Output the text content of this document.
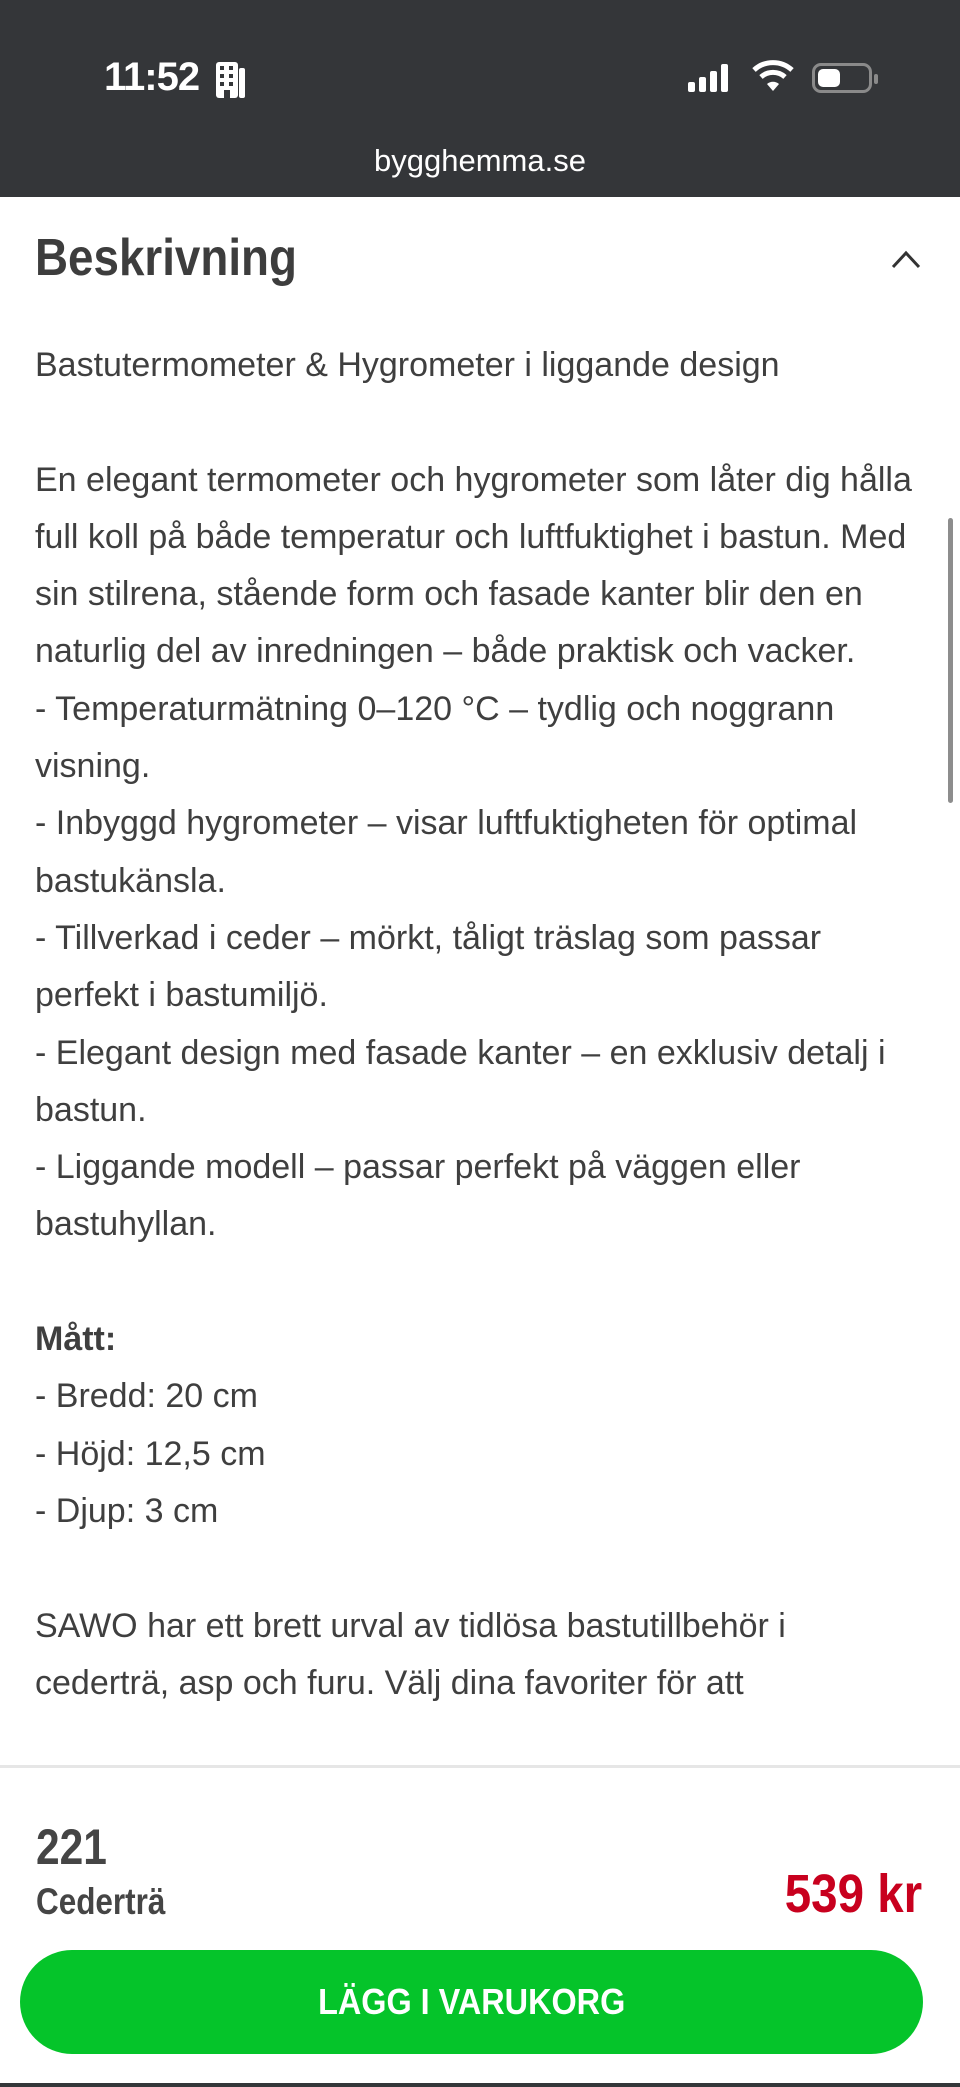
11:52
bygghemma.se
Beskrivning

Bastutermometer & Hygrometer i liggande design

En elegant termometer och hygrometer som låter dig hålla full koll på både temperatur och luftfuktighet i bastun. Med sin stilrena, stående form och fasade kanter blir den en naturlig del av inredningen – både praktisk och vacker.

- Temperaturmätning 0–120 °C – tydlig och noggrann visning.

- Inbyggd hygrometer – visar luftfuktigheten för optimal bastukänsla.

- Tillverkad i ceder – mörkt, tåligt träslag som passar perfekt i bastumiljö.

- Elegant design med fasade kanter – en exklusiv detalj i bastun.

- Liggande modell – passar perfekt på väggen eller bastuhyllan.

Mått:

- Bredd: 20 cm

- Höjd: 12,5 cm

- Djup: 3 cm

SAWO har ett brett urval av tidlösa bastutillbehör i cederträ, asp och furu. Välj dina favoriter för att

221
Cederträ	539 kr
LÄGG I VARUKORG
